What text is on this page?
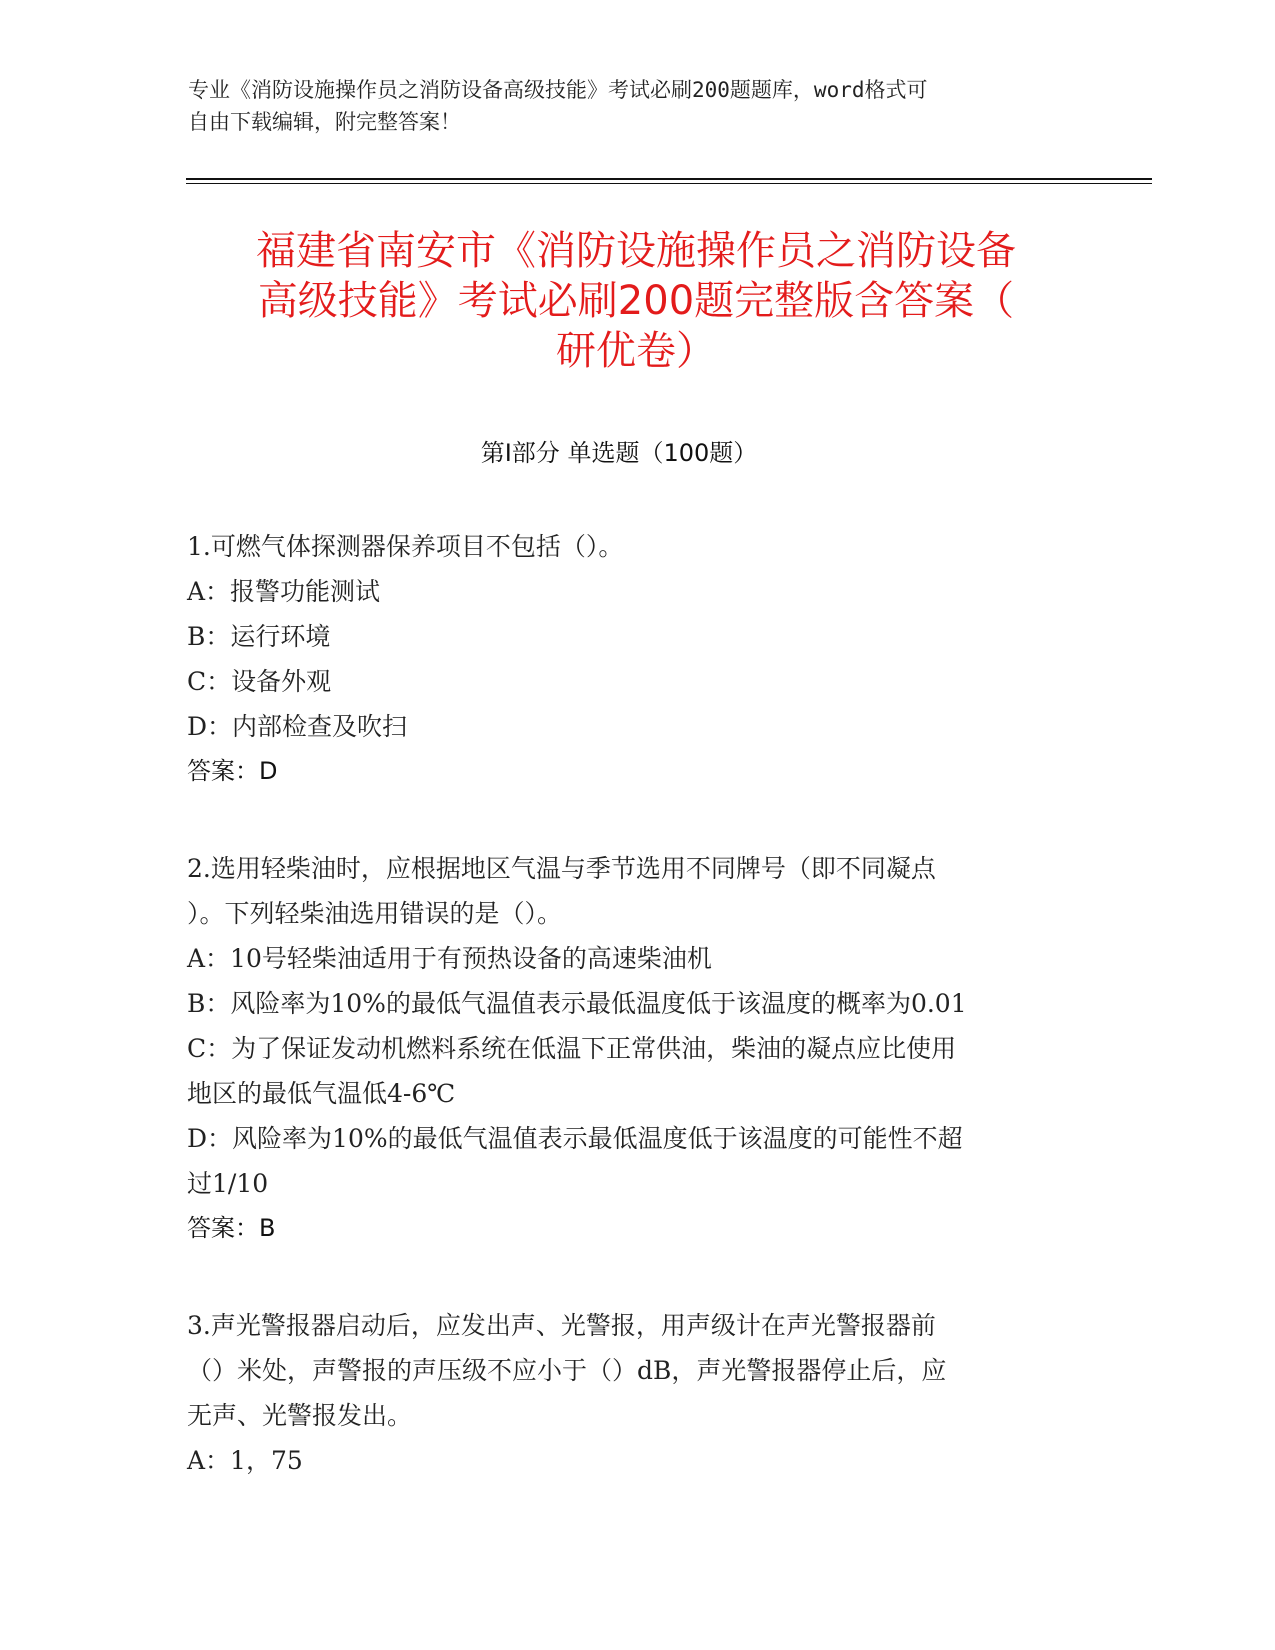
专业《消防设施操作员之消防设备高级技能》考试必刷200题题库，word格式可
自由下载编辑，附完整答案！
福建省南安市《消防设施操作员之消防设备
高级技能》考试必刷200题完整版含答案（
研优卷）
第I部分 单选题（100题）
1.可燃气体探测器保养项目不包括（）。
A：报警功能测试
B：运行环境
C：设备外观
D：内部检查及吹扫
答案：D
2.选用轻柴油时，应根据地区气温与季节选用不同牌号（即不同凝点
）。下列轻柴油选用错误的是（）。
A：10号轻柴油适用于有预热设备的高速柴油机
B：风险率为10%的最低气温值表示最低温度低于该温度的概率为0.01
C：为了保证发动机燃料系统在低温下正常供油，柴油的凝点应比使用
地区的最低气温低4-6℃
D：风险率为10%的最低气温值表示最低温度低于该温度的可能性不超
过1/10
答案：B
3.声光警报器启动后，应发出声、光警报，用声级计在声光警报器前
（）米处，声警报的声压级不应小于（）dB，声光警报器停止后，应
无声、光警报发出。
A：1，75
